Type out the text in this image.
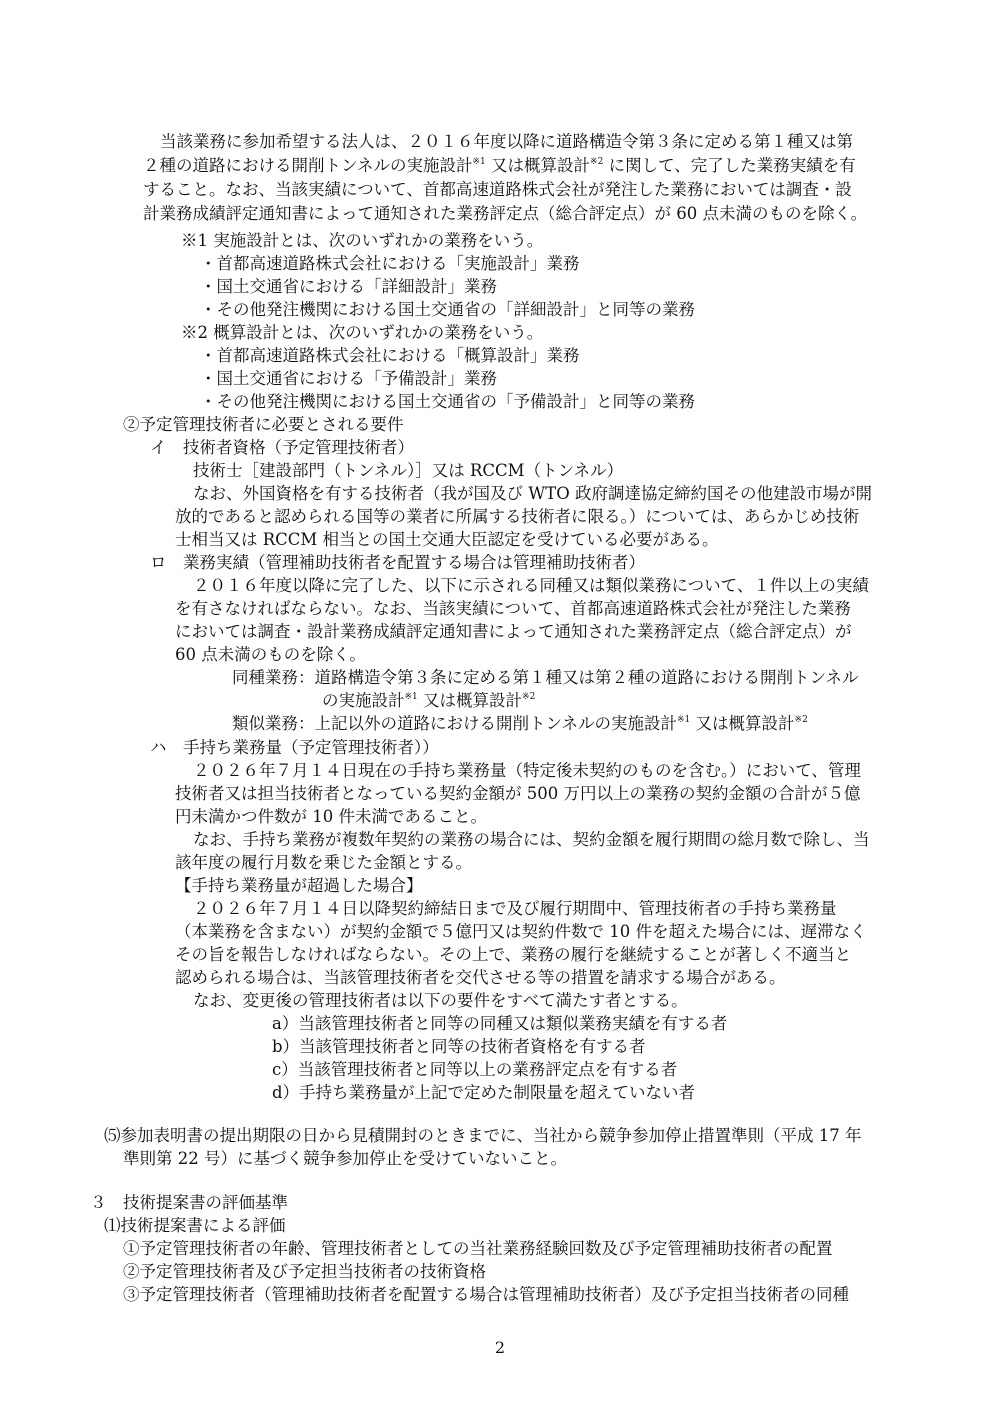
当該業務に参加希望する法人は、２０１６年度以降に道路構造令第３条に定める第１種又は第
２種の道路における開削トンネルの実施設計$^{※1}$ 又は概算設計$^{※2}$ に関して、完了した業務実績を有
すること。なお、当該実績について、首都高速道路株式会社が発注した業務においては調査・設
計業務成績評定通知書によって通知された業務評定点（総合評定点）が 60 点未満のものを除く。
※1 実施設計とは、次のいずれかの業務をいう。
・首都高速道路株式会社における「実施設計」業務
・国土交通省における「詳細設計」業務
・その他発注機関における国土交通省の「詳細設計」と同等の業務
※2 概算設計とは、次のいずれかの業務をいう。
・首都高速道路株式会社における「概算設計」業務
・国土交通省における「予備設計」業務
・その他発注機関における国土交通省の「予備設計」と同等の業務
②予定管理技術者に必要とされる要件
イ　技術者資格（予定管理技術者）
技術士［建設部門（トンネル）］又は RCCM（トンネル）
なお、外国資格を有する技術者（我が国及び WTO 政府調達協定締約国その他建設市場が開
放的であると認められる国等の業者に所属する技術者に限る。）については、あらかじめ技術
士相当又は RCCM 相当との国土交通大臣認定を受けている必要がある。
ロ　業務実績（管理補助技術者を配置する場合は管理補助技術者）
２０１６年度以降に完了した、以下に示される同種又は類似業務について、１件以上の実績
を有さなければならない。なお、当該実績について、首都高速道路株式会社が発注した業務
においては調査・設計業務成績評定通知書によって通知された業務評定点（総合評定点）が
60 点未満のものを除く。
同種業務：道路構造令第３条に定める第１種又は第２種の道路における開削トンネル
の実施設計$^{※1}$ 又は概算設計$^{※2}$
類似業務：上記以外の道路における開削トンネルの実施設計$^{※1}$ 又は概算設計$^{※2}$
ハ　手持ち業務量（予定管理技術者））
２０２６年７月１４日現在の手持ち業務量（特定後未契約のものを含む。）において、管理
技術者又は担当技術者となっている契約金額が 500 万円以上の業務の契約金額の合計が５億
円未満かつ件数が 10 件未満であること。
なお、手持ち業務が複数年契約の業務の場合には、契約金額を履行期間の総月数で除し、当
該年度の履行月数を乗じた金額とする。
【手持ち業務量が超過した場合】
２０２６年７月１４日以降契約締結日まで及び履行期間中、管理技術者の手持ち業務量
（本業務を含まない）が契約金額で５億円又は契約件数で 10 件を超えた場合には、遅滞なく
その旨を報告しなければならない。その上で、業務の履行を継続することが著しく不適当と
認められる場合は、当該管理技術者を交代させる等の措置を請求する場合がある。
なお、変更後の管理技術者は以下の要件をすべて満たす者とする。
a）当該管理技術者と同等の同種又は類似業務実績を有する者
b）当該管理技術者と同等の技術者資格を有する者
c）当該管理技術者と同等以上の業務評定点を有する者
d）手持ち業務量が上記で定めた制限量を超えていない者
⑸参加表明書の提出期限の日から見積開封のときまでに、当社から競争参加停止措置準則（平成 17 年
準則第 22 号）に基づく競争参加停止を受けていないこと。
３　技術提案書の評価基準
⑴技術提案書による評価
①予定管理技術者の年齢、管理技術者としての当社業務経験回数及び予定管理補助技術者の配置
②予定管理技術者及び予定担当技術者の技術資格
③予定管理技術者（管理補助技術者を配置する場合は管理補助技術者）及び予定担当技術者の同種
2
